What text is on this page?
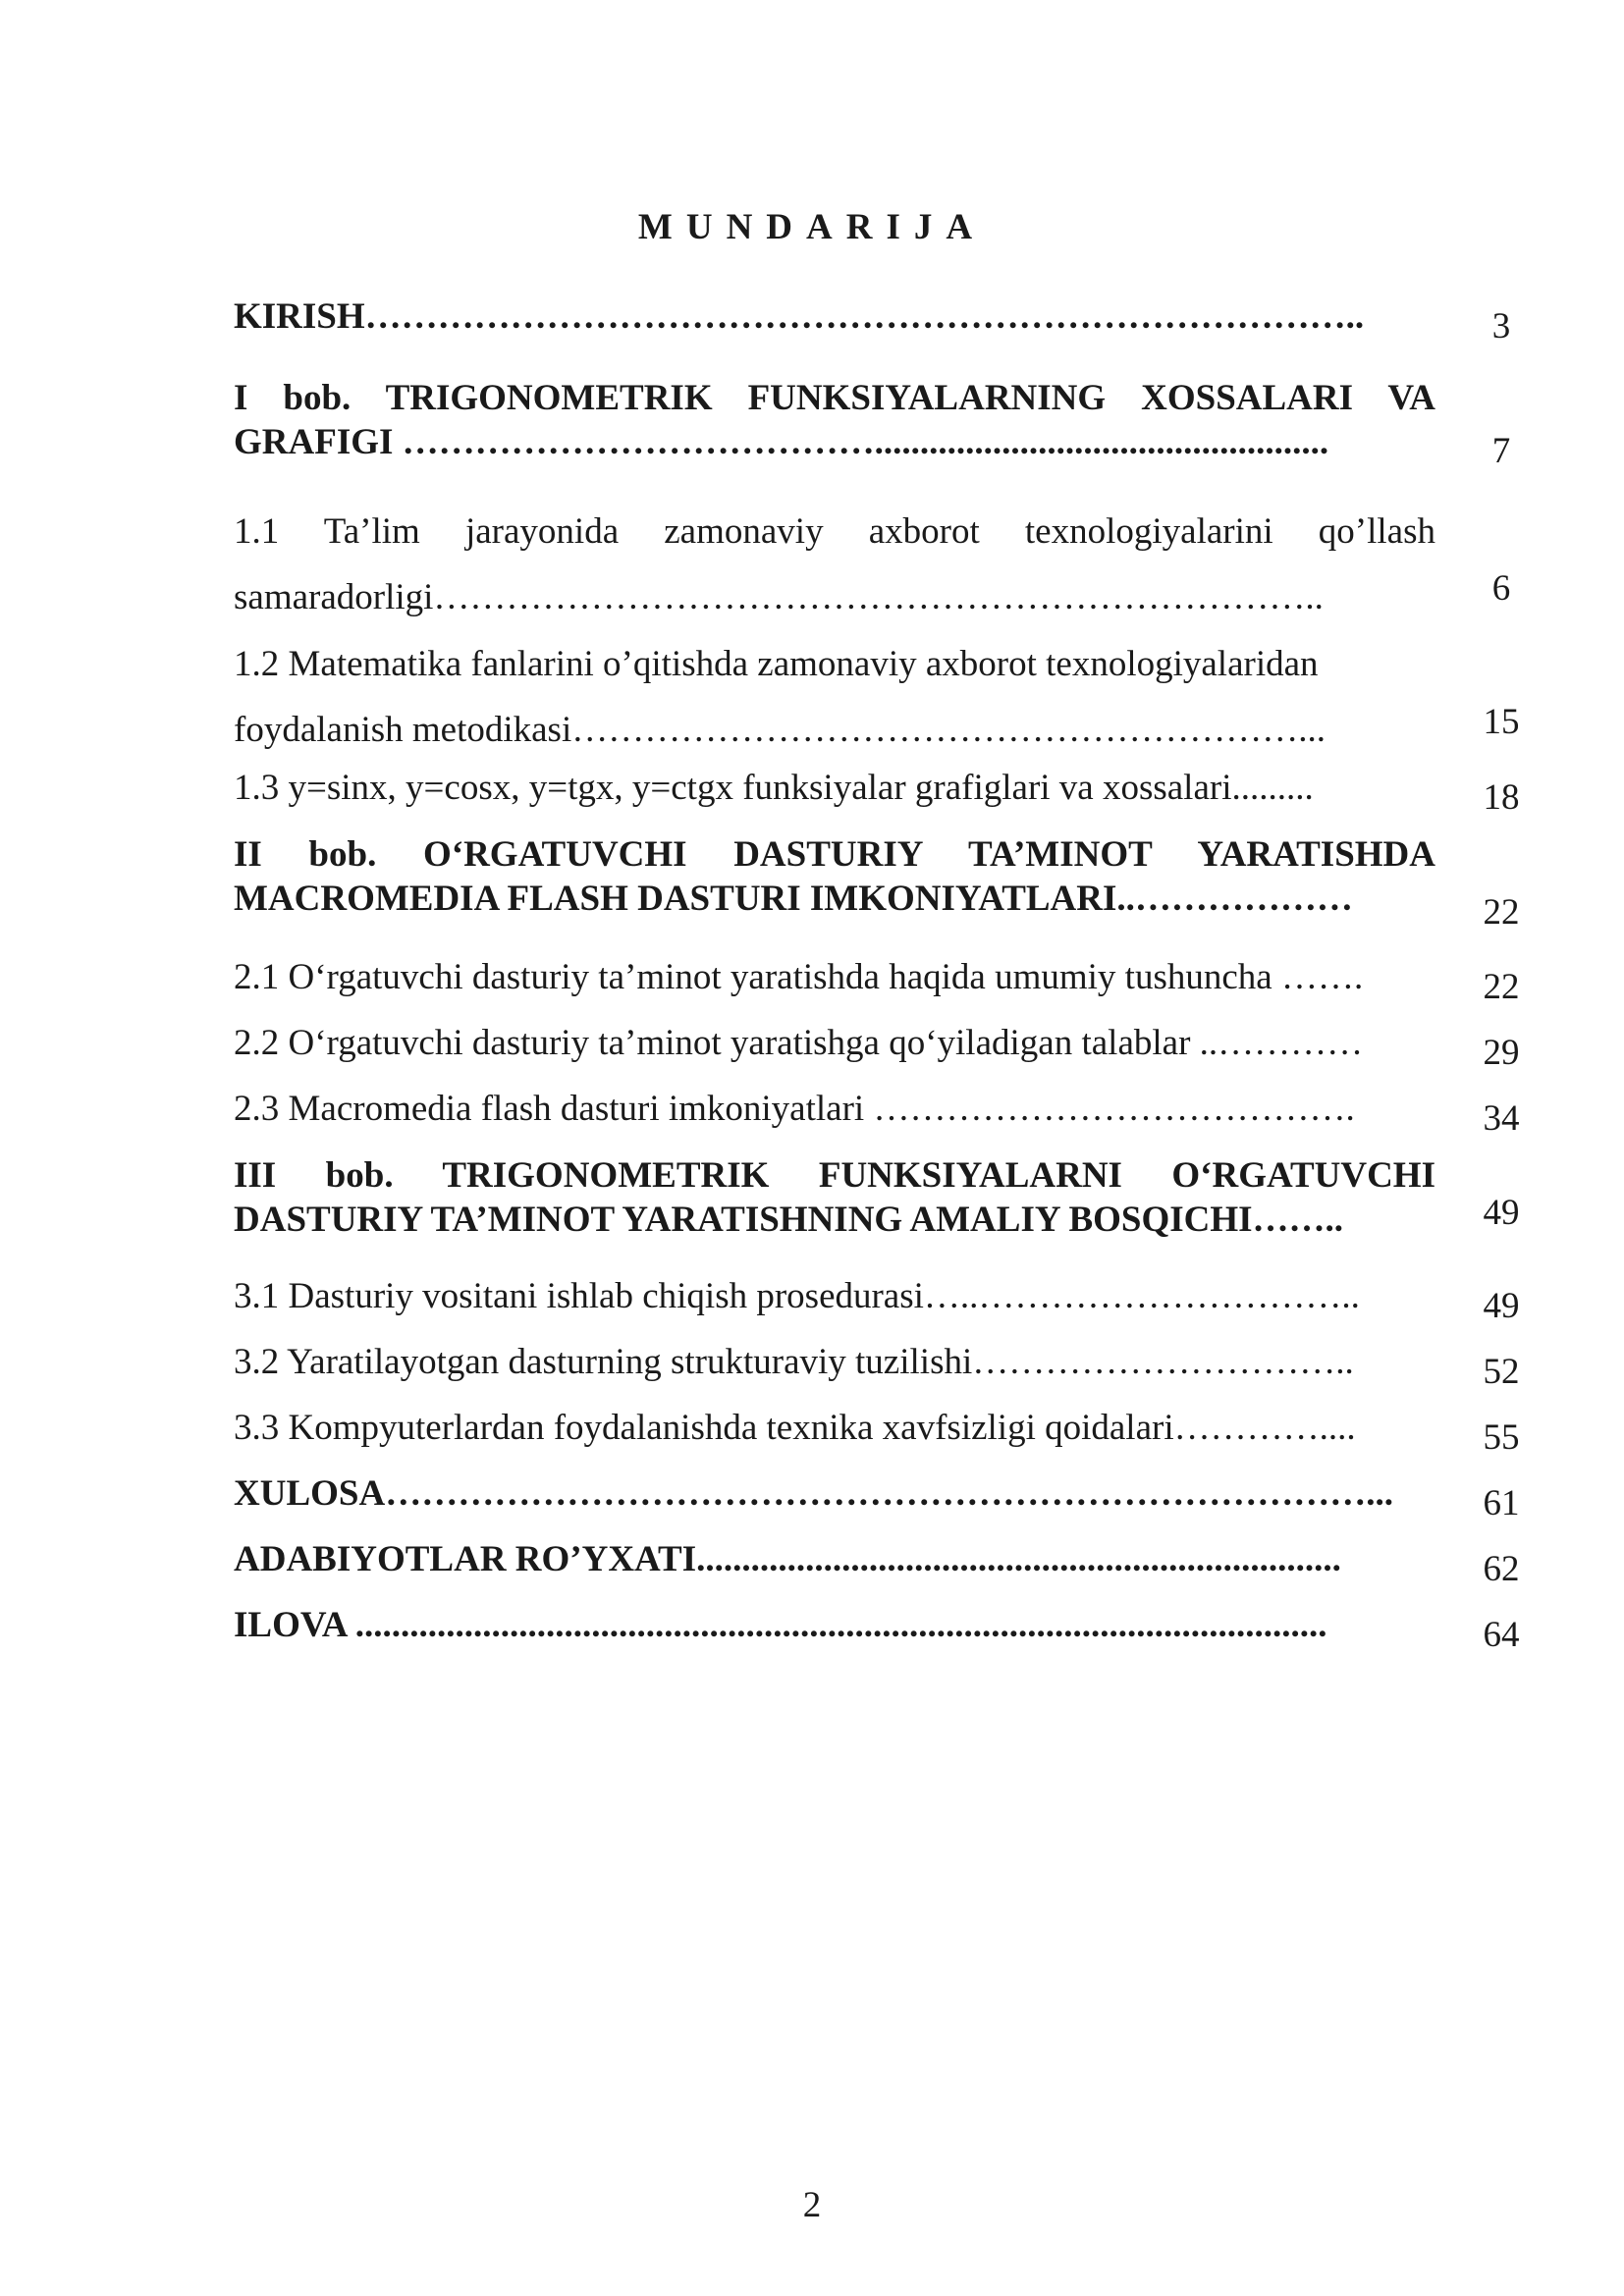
MUNDARIJA
KIRISH………………………………………………………………………..	3
I bob. TRIGONOMETRIK FUNKSIYALARNING XOSSALARI VA
GRAFIGI …………………………………..................................................	7
1.1 Ta’lim jarayonida zamonaviy axborot texnologiyalarini qo’llash
samaradorligi………………………………………………………………..	6
1.2 Matematika fanlarini o’qitishda zamonaviy axborot texnologiyalaridan
foydalanish metodikasi……………………………………………………...	15
1.3 y=sinx, y=cosx, y=tgx, y=ctgx funksiyalar grafiglari va xossalari.........	18
II bob. O‘RGATUVCHI DASTURIY TA’MINOT YARATISHDA
MACROMEDIA FLASH DASTURI IMKONIYATLARI..………………	22
2.1 O‘rgatuvchi dasturiy ta’minot yaratishda haqida umumiy tushuncha …….	22
2.2 O‘rgatuvchi dasturiy ta’minot yaratishga qo‘yiladigan talablar ..…………	29
2.3 Macromedia flash dasturi imkoniyatlari ………………………………….	34
III bob. TRIGONOMETRIK FUNKSIYALARNI O‘RGATUVCHI
DASTURIY TA’MINOT YARATISHNING AMALIY BOSQICHI……..	49
3.1 Dasturiy vositani ishlab chiqish prosedurasi…..…………………………..	49
3.2 Yaratilayotgan dasturning strukturaviy tuzilishi…………………………..	52
3.3 Kompyuterlardan foydalanishda texnika xavfsizligi qoidalari…………....	55
XULOSA………………………………………………………………………...	61
ADABIYOTLAR RO’YXATI.......................................................................	62
ILOVA ...........................................................................................................	64
2
